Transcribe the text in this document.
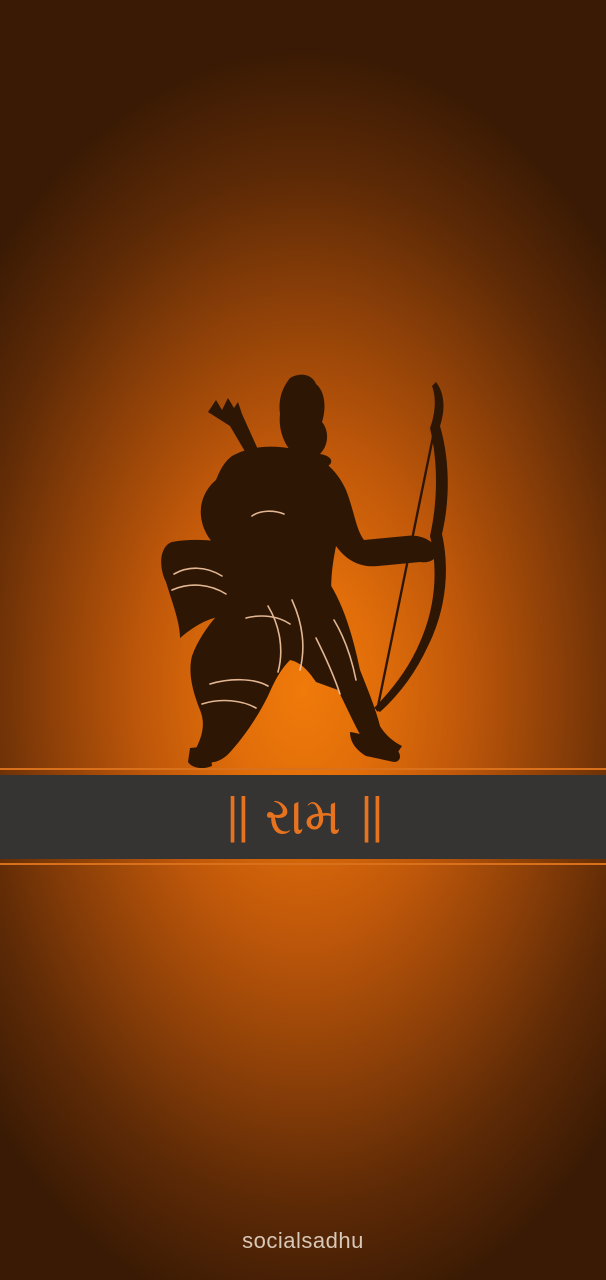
|| રામ ||
socialsadhu
